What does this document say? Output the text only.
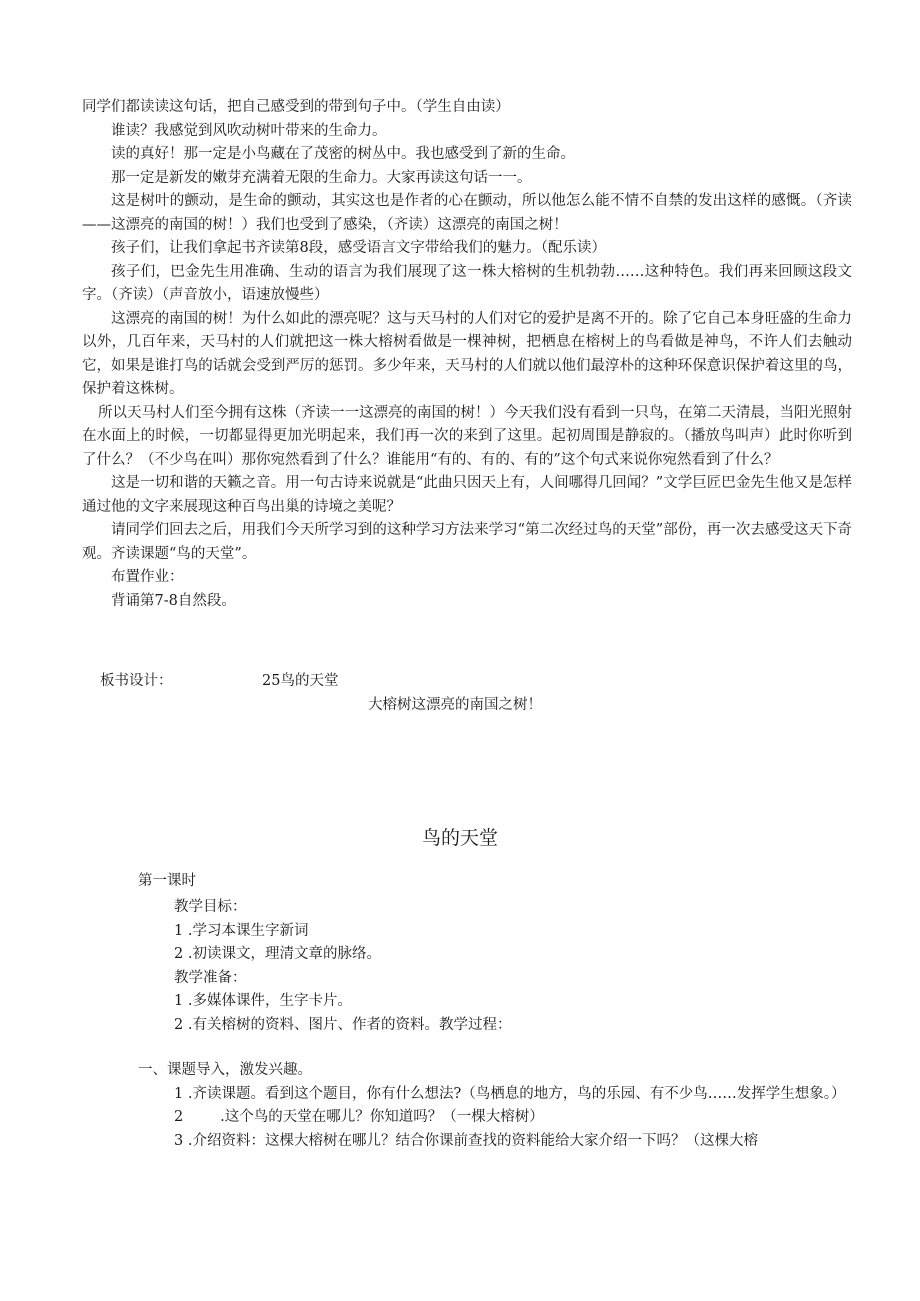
同学们都读读这句话，把自己感受到的带到句子中。（学生自由读）

谁读？我感觉到风吹动树叶带来的生命力。

读的真好！那一定是小鸟藏在了茂密的树丛中。我也感受到了新的生命。

那一定是新发的嫩芽充满着无限的生命力。大家再读这句话一一。

这是树叶的颤动，是生命的颤动，其实这也是作者的心在颤动，所以他怎么能不情不自禁的发出这样的感慨。（齐读——这漂亮的南国的树！）我们也受到了感染，（齐读）这漂亮的南国之树！

孩子们，让我们拿起书齐读第8段，感受语言文字带给我们的魅力。（配乐读）

孩子们，巴金先生用准确、生动的语言为我们展现了这一株大榕树的生机勃勃……这种特色。我们再来回顾这段文字。（齐读）（声音放小，语速放慢些）

这漂亮的南国的树！为什么如此的漂亮呢？这与天马村的人们对它的爱护是离不开的。除了它自己本身旺盛的生命力以外，几百年来，天马村的人们就把这一株大榕树看做是一棵神树，把栖息在榕树上的鸟看做是神鸟，不许人们去触动它，如果是谁打鸟的话就会受到严厉的惩罚。多少年来，天马村的人们就以他们最淳朴的这种环保意识保护着这里的鸟，保护着这株树。

所以天马村人们至今拥有这株（齐读一一这漂亮的南国的树！）今天我们没有看到一只鸟，在第二天清晨，当阳光照射在水面上的时候，一切都显得更加光明起来，我们再一次的来到了这里。起初周围是静寂的。（播放鸟叫声）此时你听到了什么？（不少鸟在叫）那你宛然看到了什么？谁能用“有的、有的、有的”这个句式来说你宛然看到了什么？

这是一切和谐的天籁之音。用一句古诗来说就是“此曲只因天上有，人间哪得几回闻？”文学巨匠巴金先生他又是怎样通过他的文字来展现这种百鸟出巢的诗境之美呢？

请同学们回去之后，用我们今天所学习到的这种学习方法来学习“第二次经过鸟的天堂”部份，再一次去感受这天下奇观。齐读课题“鸟的天堂”。

布置作业：

背诵第7-8自然段。

板书设计：	25鸟的天堂
大榕树这漂亮的南国之树！
鸟的天堂
第一课时

教学目标：

1 .学习本课生字新词

2 .初读课文，理清文章的脉络。

教学准备：

1 .多媒体课件，生字卡片。

2 .有关榕树的资料、图片、作者的资料。教学过程：

一、课题导入，激发兴趣。

1 .齐读课题。看到这个题目，你有什么想法?（鸟栖息的地方，鸟的乐园、有不少鸟……发挥学生想象。）

2        .这个鸟的天堂在哪儿？你知道吗？（一棵大榕树）

3 .介绍资料：这棵大榕树在哪儿？结合你课前查找的资料能给大家介绍一下吗？（这棵大榕
